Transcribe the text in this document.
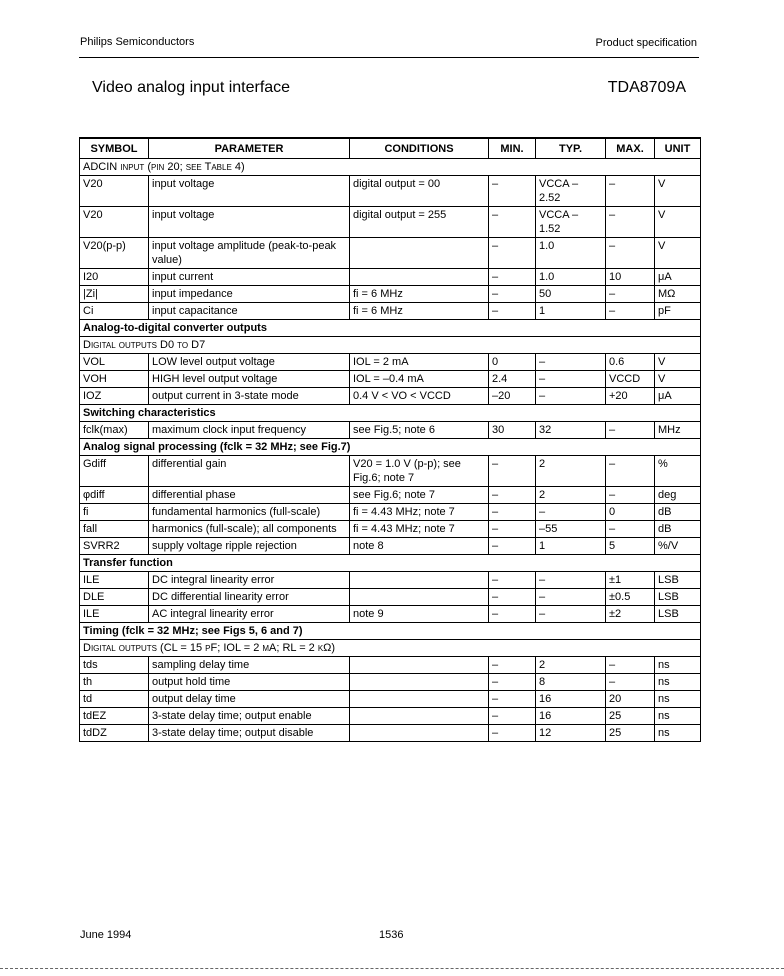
Philips Semiconductors	Product specification
Video analog input interface	TDA8709A
SYMBOL	PARAMETER	CONDITIONS	MIN.	TYP.	MAX.	UNIT
ADCIN input (pin 20; see Table 4)						
V20	input voltage	digital output = 00	–	VCCA – 2.52	–	V
V20	input voltage	digital output = 255	–	VCCA – 1.52	–	V
V20(p-p)	input voltage amplitude (peak-to-peak value)		–	1.0	–	V
I20	input current		–	1.0	10	μA
|Zi|	input impedance	fi = 6 MHz	–	50	–	MΩ
Ci	input capacitance	fi = 6 MHz	–	1	–	pF
Analog-to-digital converter outputs						
Digital outputs D0 to D7						
VOL	LOW level output voltage	IOL = 2 mA	0	–	0.6	V
VOH	HIGH level output voltage	IOL = –0.4 mA	2.4	–	VCCD	V
IOZ	output current in 3-state mode	0.4 V < VO < VCCD	–20	–	+20	μA
Switching characteristics						
fclk(max)	maximum clock input frequency	see Fig.5; note 6	30	32	–	MHz
Analog signal processing (fclk = 32 MHz; see Fig.7)						
Gdiff	differential gain	V20 = 1.0 V (p-p); see Fig.6; note 7	–	2	–	%
φdiff	differential phase	see Fig.6; note 7	–	2	–	deg
fi	fundamental harmonics (full-scale)	fi = 4.43 MHz; note 7	–	–	0	dB
fall	harmonics (full-scale); all components	fi = 4.43 MHz; note 7	–	–55	–	dB
SVRR2	supply voltage ripple rejection	note 8	–	1	5	%/V
Transfer function						
ILE	DC integral linearity error		–	–	±1	LSB
DLE	DC differential linearity error		–	–	±0.5	LSB
ILE	AC integral linearity error	note 9	–	–	±2	LSB
Timing (fclk = 32 MHz; see Figs 5, 6 and 7)						
Digital outputs (CL = 15 pF; IOL = 2 mA; RL = 2 kΩ)						
tds	sampling delay time		–	2	–	ns
th	output hold time		–	8	–	ns
td	output delay time		–	16	20	ns
tdEZ	3-state delay time; output enable		–	16	25	ns
tdDZ	3-state delay time; output disable		–	12	25	ns
June 1994	1536
